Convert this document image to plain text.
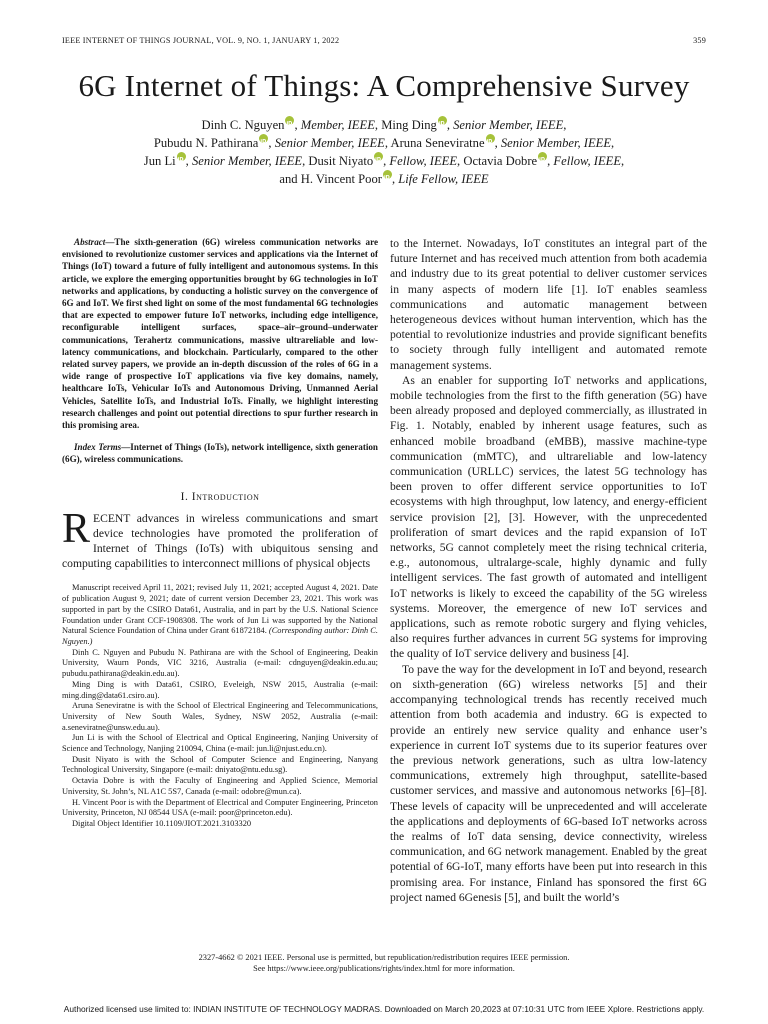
IEEE INTERNET OF THINGS JOURNAL, VOL. 9, NO. 1, JANUARY 1, 2022	359
6G Internet of Things: A Comprehensive Survey
Dinh C. Nguyen iD , Member, IEEE, Ming Ding iD , Senior Member, IEEE,
Pubudu N. Pathirana iD , Senior Member, IEEE, Aruna Seneviratne iD , Senior Member, IEEE,
Jun Li iD , Senior Member, IEEE, Dusit Niyato iD , Fellow, IEEE, Octavia Dobre iD , Fellow, IEEE,
and H. Vincent Poor iD , Life Fellow, IEEE

Abstract—The sixth-generation (6G) wireless communication networks are envisioned to revolutionize customer services and applications via the Internet of Things (IoT) toward a future of fully intelligent and autonomous systems. In this article, we explore the emerging opportunities brought by 6G technologies in IoT networks and applications, by conducting a holistic survey on the convergence of 6G and IoT. We first shed light on some of the most fundamental 6G technologies that are expected to empower future IoT networks, including edge intelligence, reconfigurable intelligent surfaces, space–air–ground–underwater communications, Terahertz communications, massive ultrareliable and low-latency communications, and blockchain. Particularly, compared to the other related survey papers, we provide an in-depth discussion of the roles of 6G in a wide range of prospective IoT applications via five key domains, namely, healthcare IoTs, Vehicular IoTs and Autonomous Driving, Unmanned Aerial Vehicles, Satellite IoTs, and Industrial IoTs. Finally, we highlight interesting research challenges and point out potential directions to spur further research in this promising area.

Index Terms—Internet of Things (IoTs), network intelligence, sixth generation (6G), wireless communications.

I. Introduction

RECENT advances in wireless communications and smart device technologies have promoted the proliferation of Internet of Things (IoTs) with ubiquitous sensing and computing capabilities to interconnect millions of physical objects

Manuscript received April 11, 2021; revised July 11, 2021; accepted August 4, 2021. Date of publication August 9, 2021; date of current version December 23, 2021. This work was supported in part by the CSIRO Data61, Australia, and in part by the U.S. National Science Foundation under Grant CCF-1908308. The work of Jun Li was supported by the National Natural Science Foundation of China under Grant 61872184. (Corresponding author: Dinh C. Nguyen.)

Dinh C. Nguyen and Pubudu N. Pathirana are with the School of Engineering, Deakin University, Waurn Ponds, VIC 3216, Australia (e-mail: cdnguyen@deakin.edu.au; pubudu.pathirana@deakin.edu.au).

Ming Ding is with Data61, CSIRO, Eveleigh, NSW 2015, Australia (e-mail: ming.ding@data61.csiro.au).

Aruna Seneviratne is with the School of Electrical Engineering and Telecommunications, University of New South Wales, Sydney, NSW 2052, Australia (e-mail: a.seneviratne@unsw.edu.au).

Jun Li is with the School of Electrical and Optical Engineering, Nanjing University of Science and Technology, Nanjing 210094, China (e-mail: jun.li@njust.edu.cn).

Dusit Niyato is with the School of Computer Science and Engineering, Nanyang Technological University, Singapore (e-mail: dniyato@ntu.edu.sg).

Octavia Dobre is with the Faculty of Engineering and Applied Science, Memorial University, St. John’s, NL A1C 5S7, Canada (e-mail: odobre@mun.ca).

H. Vincent Poor is with the Department of Electrical and Computer Engineering, Princeton University, Princeton, NJ 08544 USA (e-mail: poor@princeton.edu).

Digital Object Identifier 10.1109/JIOT.2021.3103320

to the Internet. Nowadays, IoT constitutes an integral part of the future Internet and has received much attention from both academia and industry due to its great potential to deliver customer services in many aspects of modern life [1]. IoT enables seamless communications and automatic management between heterogeneous devices without human intervention, which has the potential to revolutionize industries and provide significant benefits to society through fully intelligent and automated remote management systems.

As an enabler for supporting IoT networks and applications, mobile technologies from the first to the fifth generation (5G) have been already proposed and deployed commercially, as illustrated in Fig. 1. Notably, enabled by inherent usage features, such as enhanced mobile broadband (eMBB), massive machine-type communication (mMTC), and ultrareliable and low-latency communication (URLLC) services, the latest 5G technology has been proven to offer different service opportunities to IoT ecosystems with high throughput, low latency, and energy-efficient service provision [2], [3]. However, with the unprecedented proliferation of smart devices and the rapid expansion of IoT networks, 5G cannot completely meet the rising technical criteria, e.g., autonomous, ultralarge-scale, highly dynamic and fully intelligent services. The fast growth of automated and intelligent IoT networks is likely to exceed the capability of the 5G wireless systems. Moreover, the emergence of new IoT services and applications, such as remote robotic surgery and flying vehicles, also requires further advances in current 5G systems for improving the quality of IoT service delivery and business [4].

To pave the way for the development in IoT and beyond, research on sixth-generation (6G) wireless networks [5] and their accompanying technological trends has recently received much attention from both academia and industry. 6G is expected to provide an entirely new service quality and enhance user’s experience in current IoT systems due to its superior features over the previous network generations, such as ultra low-latency communications, extremely high throughput, satellite-based customer services, and massive and autonomous networks [6]–[8]. These levels of capacity will be unprecedented and will accelerate the applications and deployments of 6G-based IoT networks across the realms of IoT data sensing, device connectivity, wireless communication, and 6G network management. Enabled by the great potential of 6G-IoT, many efforts have been put into research in this promising area. For instance, Finland has sponsored the first 6G project named 6Genesis [5], and built the world’s

2327-4662 © 2021 IEEE. Personal use is permitted, but republication/redistribution requires IEEE permission.
See https://www.ieee.org/publications/rights/index.html for more information.
Authorized licensed use limited to: INDIAN INSTITUTE OF TECHNOLOGY MADRAS. Downloaded on March 20,2023 at 07:10:31 UTC from IEEE Xplore. Restrictions apply.
